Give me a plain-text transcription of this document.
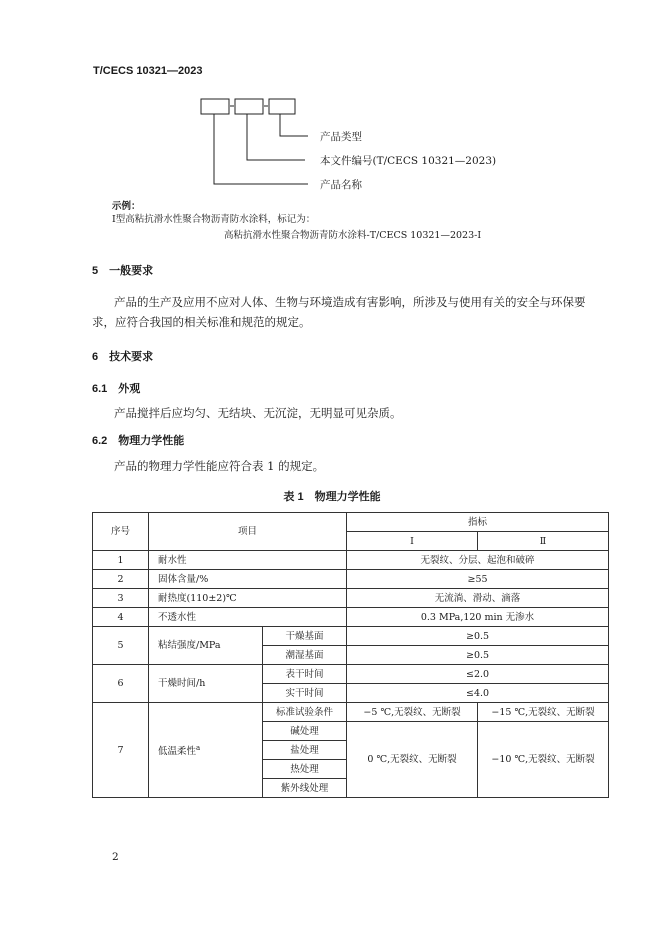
T/CECS 10321—2023
产品类型
本文件编号(T/CECS 10321—2023)
产品名称
示例：
I型高粘抗滑水性聚合物沥青防水涂料，标记为：
高粘抗滑水性聚合物沥青防水涂料-T/CECS 10321—2023-I
5　一般要求
产品的生产及应用不应对人体、生物与环境造成有害影响，所涉及与使用有关的安全与环保要
求，应符合我国的相关标准和规范的规定。
6　技术要求
6.1　外观
产品搅拌后应均匀、无结块、无沉淀，无明显可见杂质。
6.2　物理力学性能
产品的物理力学性能应符合表 1 的规定。
表 1　物理力学性能
序号	项目		指标	
			Ⅰ	Ⅱ
1	耐水性		无裂纹、分层、起泡和破碎	
2	固体含量/%		≥55	
3	耐热度(110±2)℃		无流淌、滑动、滴落	
4	不透水性		0.3 MPa,120 min 无渗水	
5	粘结强度/MPa	干燥基面	≥0.5	
		潮湿基面	≥0.5	
6	干燥时间/h	表干时间	≤2.0	
		实干时间	≤4.0	
7	低温柔性$^a$	标准试验条件	−5 ℃,无裂纹、无断裂	−15 ℃,无裂纹、无断裂
		碱处理	0 ℃,无裂纹、无断裂	−10 ℃,无裂纹、无断裂
		盐处理		
		热处理		
		紫外线处理		
2
